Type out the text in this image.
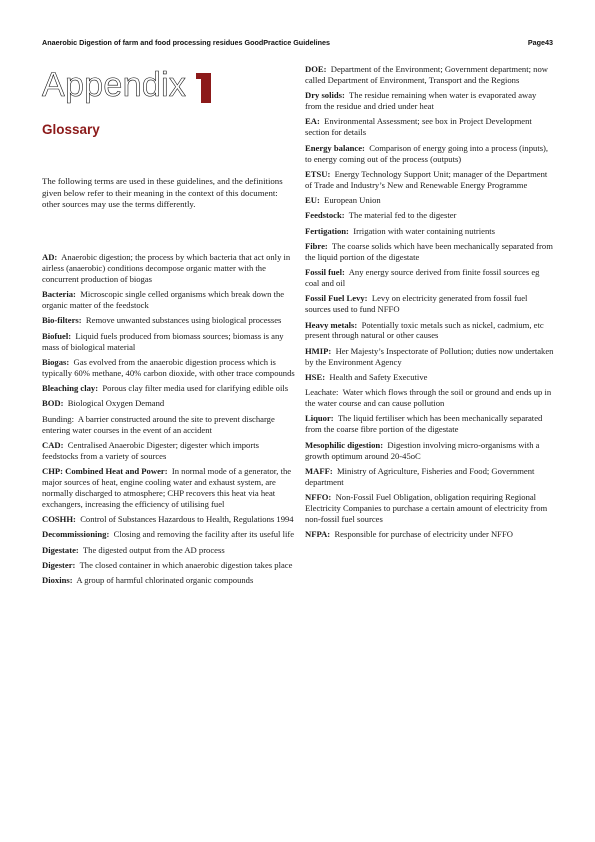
Anaerobic Digestion of farm and food processing residues GoodPractice Guidelines	Page43
Appendix
Glossary
The following terms are used in these guidelines, and the definitions given below refer to their meaning in the context of this document: other sources may use the terms differently.
AD: Anaerobic digestion; the process by which bacteria that act only in airless (anaerobic) conditions decompose organic matter with the concurrent production of biogas
Bacteria: Microscopic single celled organisms which break down the organic matter of the feedstock
Bio-filters: Remove unwanted substances using biological processes
Biofuel: Liquid fuels produced from biomass sources; biomass is any mass of biological material
Biogas: Gas evolved from the anaerobic digestion process which is typically 60% methane, 40% carbon dioxide, with other trace compounds
Bleaching clay: Porous clay filter media used for clarifying edible oils
BOD: Biological Oxygen Demand
Bunding: A barrier constructed around the site to prevent discharge entering water courses in the event of an accident
CAD: Centralised Anaerobic Digester; digester which imports feedstocks from a variety of sources
CHP: Combined Heat and Power: In normal mode of a generator, the major sources of heat, engine cooling water and exhaust system, are normally discharged to atmosphere; CHP recovers this heat via heat exchangers, increasing the efficiency of utilising fuel
COSHH: Control of Substances Hazardous to Health, Regulations 1994
Decommissioning: Closing and removing the facility after its useful life
Digestate: The digested output from the AD process
Digester: The closed container in which anaerobic digestion takes place
Dioxins: A group of harmful chlorinated organic compounds
DOE: Department of the Environment; Government department; now called Department of Environment, Transport and the Regions
Dry solids: The residue remaining when water is evaporated away from the residue and dried under heat
EA: Environmental Assessment; see box in Project Development section for details
Energy balance: Comparison of energy going into a process (inputs), to energy coming out of the process (outputs)
ETSU: Energy Technology Support Unit; manager of the Department of Trade and Industry’s New and Renewable Energy Programme
EU: European Union
Feedstock: The material fed to the digester
Fertigation: Irrigation with water containing nutrients
Fibre: The coarse solids which have been mechanically separated from the liquid portion of the digestate
Fossil fuel: Any energy source derived from finite fossil sources eg coal and oil
Fossil Fuel Levy: Levy on electricity generated from fossil fuel sources used to fund NFFO
Heavy metals: Potentially toxic metals such as nickel, cadmium, etc present through natural or other causes
HMIP: Her Majesty’s Inspectorate of Pollution; duties now undertaken by the Environment Agency
HSE: Health and Safety Executive
Leachate: Water which flows through the soil or ground and ends up in the water course and can cause pollution
Liquor: The liquid fertiliser which has been mechanically separated from the coarse fibre portion of the digestate
Mesophilic digestion: Digestion involving micro-organisms with a growth optimum around 20-45oC
MAFF: Ministry of Agriculture, Fisheries and Food; Government department
NFFO: Non-Fossil Fuel Obligation, obligation requiring Regional Electricity Companies to purchase a certain amount of electricity from non-fossil fuel sources
NFPA: Responsible for purchase of electricity under NFFO
